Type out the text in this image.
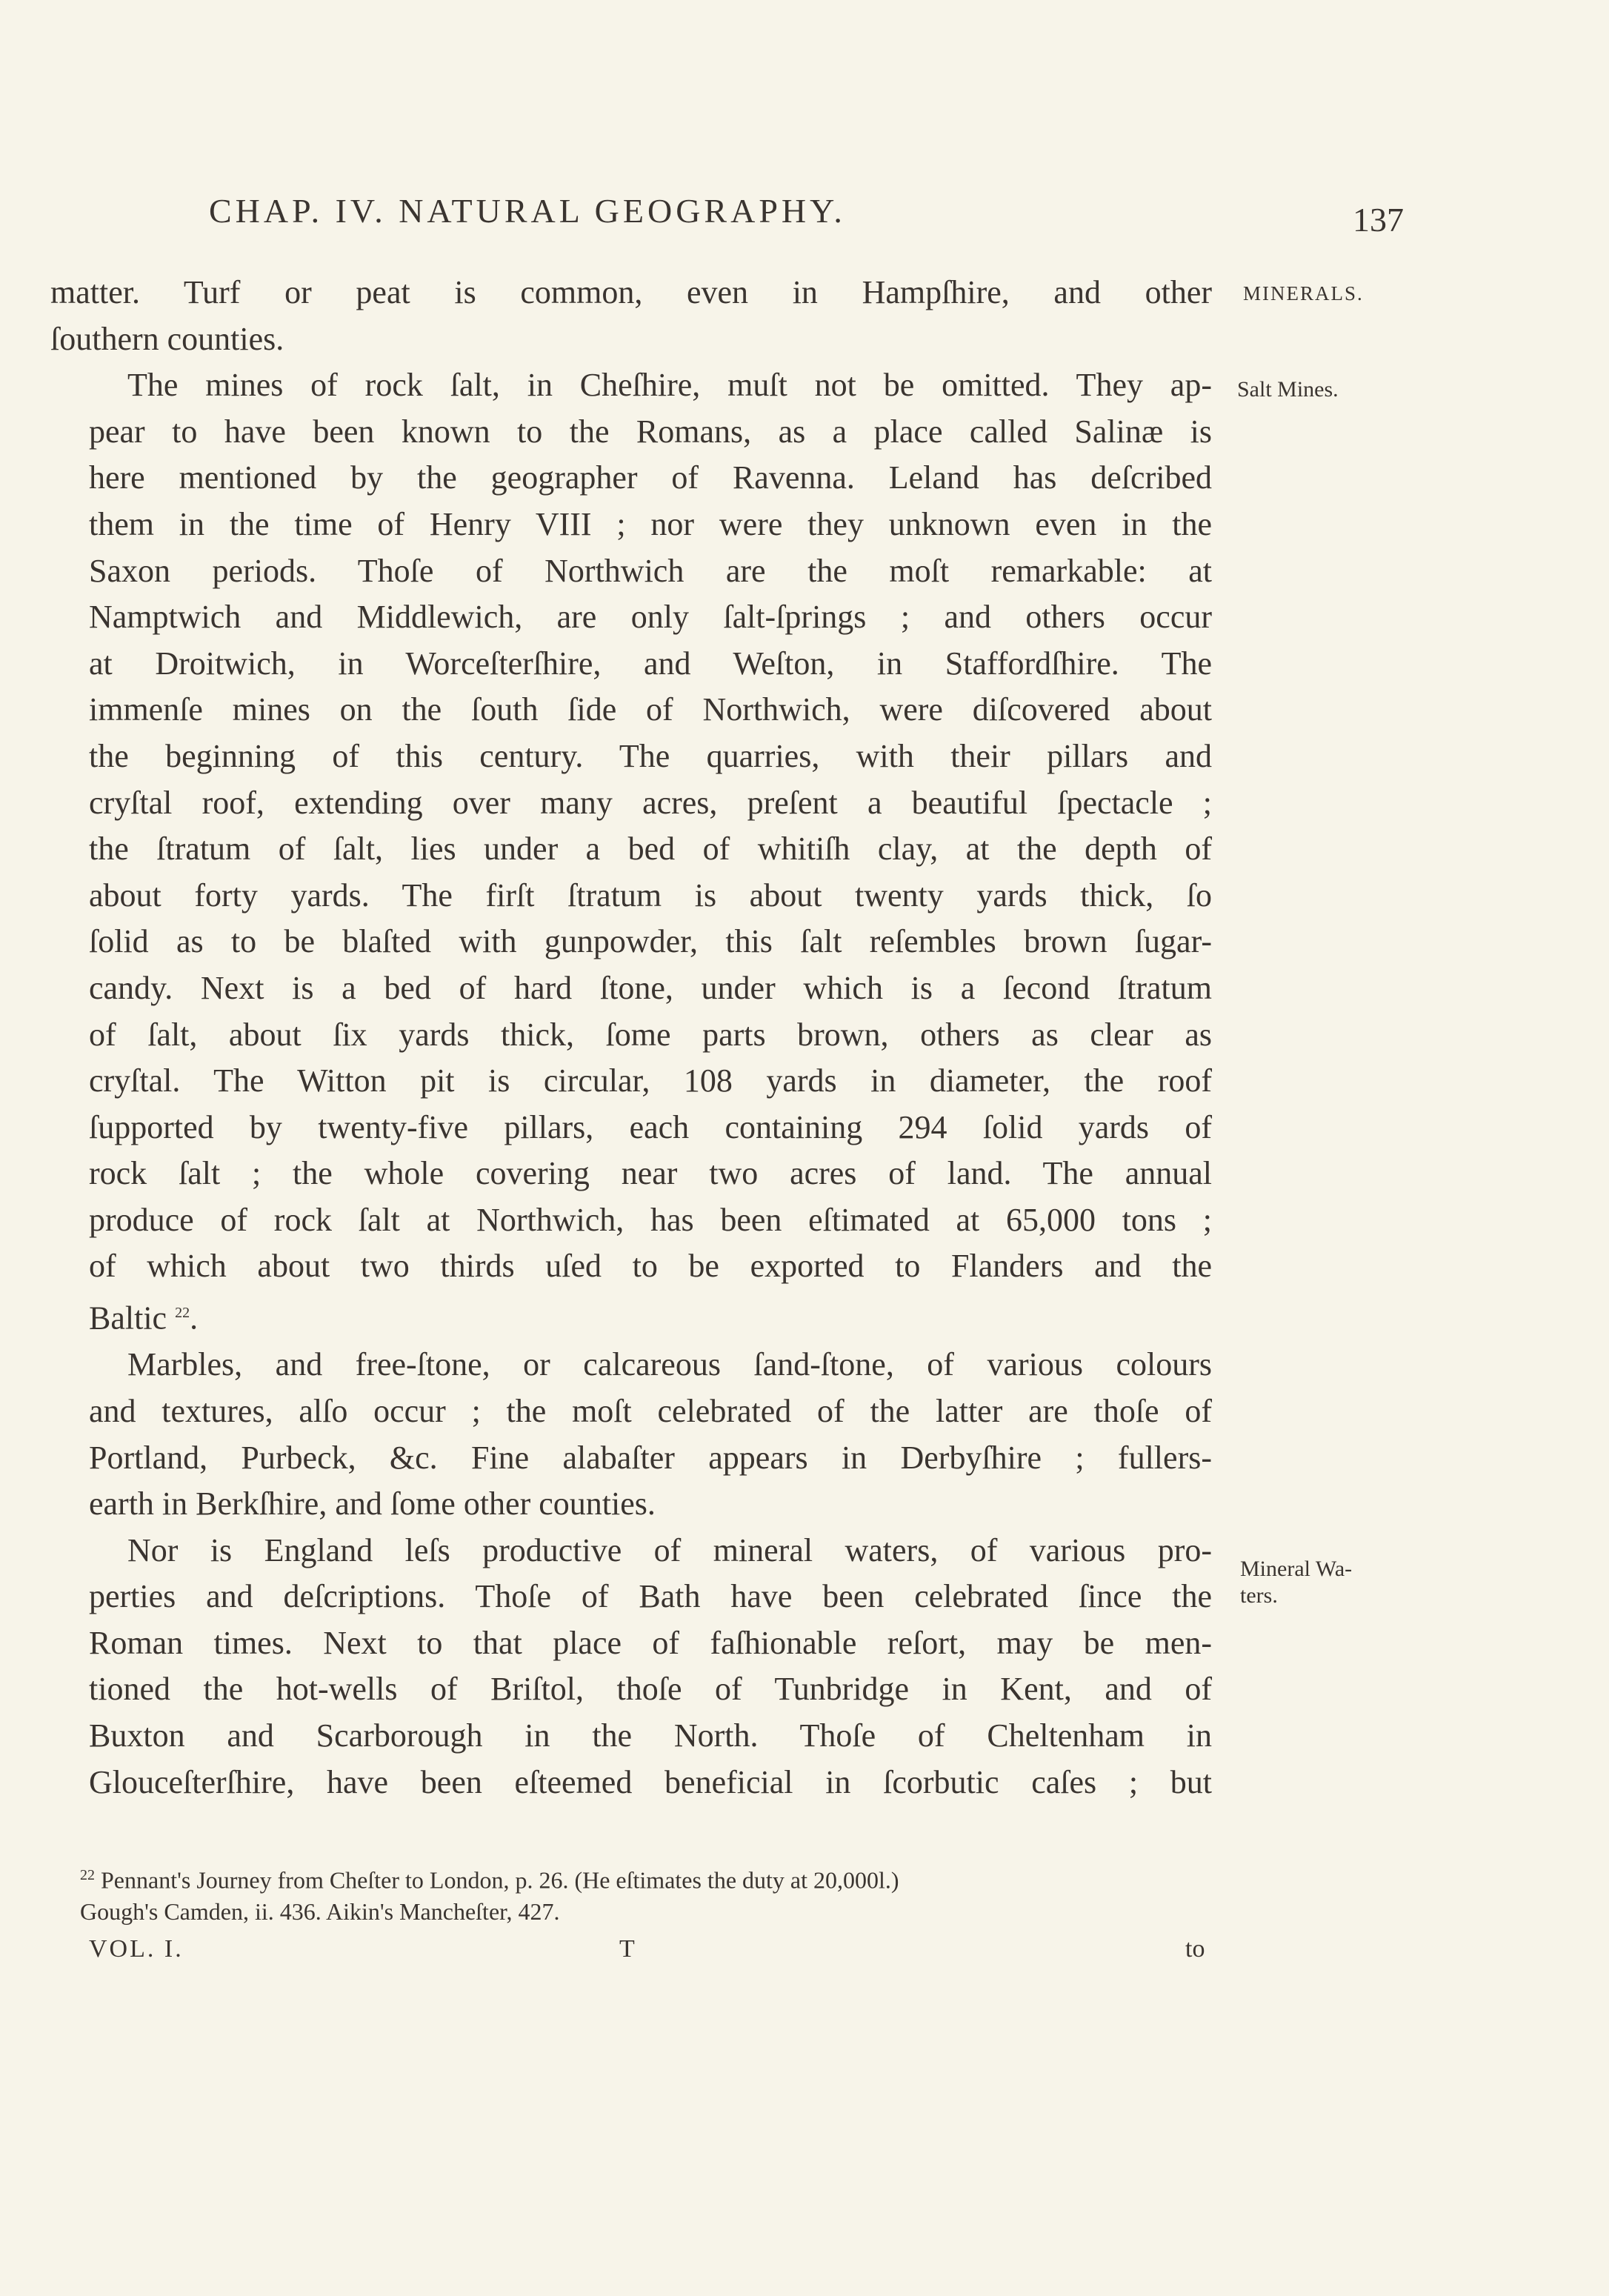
CHAP. IV. NATURAL GEOGRAPHY.	137
MINERALS.
Salt Mines.
Mineral Wa-
ters.

matter. Turf or peat is common, even in Hampſhire, and other
ſouthern counties.

The mines of rock ſalt, in Cheſhire, muſt not be omitted. They ap-
pear to have been known to the Romans, as a place called Salinæ is
here mentioned by the geographer of Ravenna. Leland has deſcribed
them in the time of Henry VIII ; nor were they unknown even in the
Saxon periods. Thoſe of Northwich are the moſt remarkable: at
Namptwich and Middlewich, are only ſalt-ſprings ; and others occur
at Droitwich, in Worceſterſhire, and Weſton, in Staffordſhire. The
immenſe mines on the ſouth ſide of Northwich, were diſcovered about
the beginning of this century. The quarries, with their pillars and
cryſtal roof, extending over many acres, preſent a beautiful ſpectacle ;
the ſtratum of ſalt, lies under a bed of whitiſh clay, at the depth of
about forty yards. The firſt ſtratum is about twenty yards thick, ſo
ſolid as to be blaſted with gunpowder, this ſalt reſembles brown ſugar-
candy. Next is a bed of hard ſtone, under which is a ſecond ſtratum
of ſalt, about ſix yards thick, ſome parts brown, others as clear as
cryſtal. The Witton pit is circular, 108 yards in diameter, the roof
ſupported by twenty-five pillars, each containing 294 ſolid yards of
rock ſalt ; the whole covering near two acres of land. The annual
produce of rock ſalt at Northwich, has been eſtimated at 65,000 tons ;
of which about two thirds uſed to be exported to Flanders and the
Baltic $^{22}$.

Marbles, and free-ſtone, or calcareous ſand-ſtone, of various colours
and textures, alſo occur ; the moſt celebrated of the latter are thoſe of
Portland, Purbeck, &c. Fine alabaſter appears in Derbyſhire ; fullers-
earth in Berkſhire, and ſome other counties.

Nor is England leſs productive of mineral waters, of various pro-
perties and deſcriptions. Thoſe of Bath have been celebrated ſince the
Roman times. Next to that place of faſhionable reſort, may be men-
tioned the hot-wells of Briſtol, thoſe of Tunbridge in Kent, and of
Buxton and Scarborough in the North. Thoſe of Cheltenham in
Glouceſterſhire, have been eſteemed beneficial in ſcorbutic caſes ; but

$^{22}$ Pennant's Journey from Cheſter to London, p. 26. (He eſtimates the duty at 20,000l.)
Gough's Camden, ii. 436. Aikin's Mancheſter, 427.
VOL. I.	T	to
